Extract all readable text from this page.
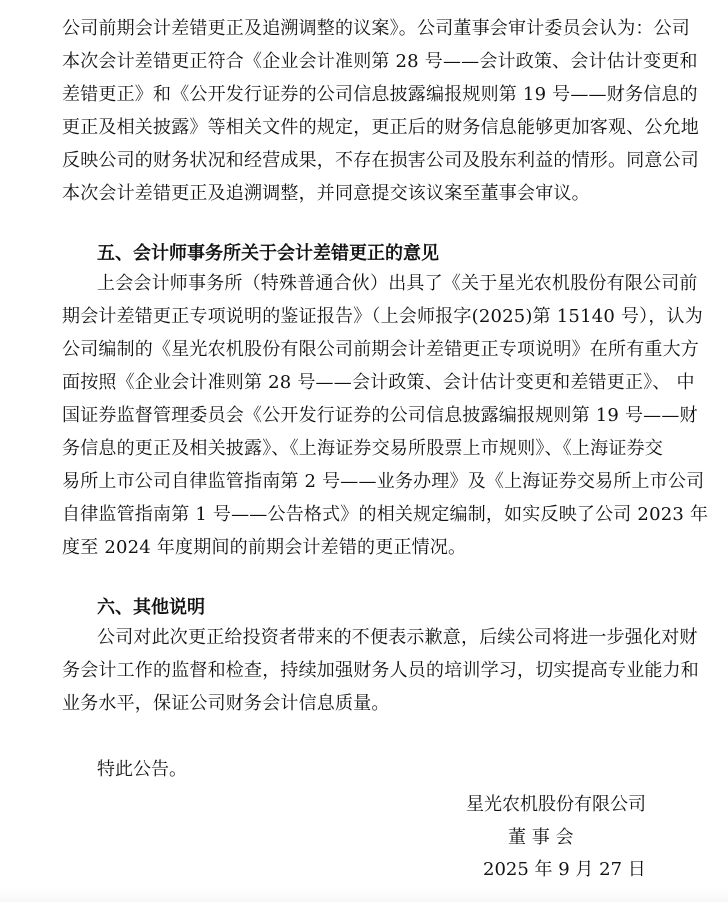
公司前期会计差错更正及追溯调整的议案》。公司董事会审计委员会认为：公司
本次会计差错更正符合《企业会计准则第 28 号——会计政策、会计估计变更和
差错更正》和《公开发行证券的公司信息披露编报规则第 19 号——财务信息的
更正及相关披露》等相关文件的规定，更正后的财务信息能够更加客观、公允地
反映公司的财务状况和经营成果，不存在损害公司及股东利益的情形。同意公司
本次会计差错更正及追溯调整，并同意提交该议案至董事会审议。
五、会计师事务所关于会计差错更正的意见
上会会计师事务所（特殊普通合伙）出具了《关于星光农机股份有限公司前
期会计差错更正专项说明的鉴证报告》（上会师报字(2025)第 15140 号），认为
公司编制的《星光农机股份有限公司前期会计差错更正专项说明》在所有重大方
面按照《企业会计准则第 28 号——会计政策、会计估计变更和差错更正》、 中
国证券监督管理委员会《公开发行证券的公司信息披露编报规则第 19 号——财
务信息的更正及相关披露》、《上海证券交易所股票上市规则》、《上海证券交
易所上市公司自律监管指南第 2 号——业务办理》及《上海证券交易所上市公司
自律监管指南第 1 号——公告格式》的相关规定编制，如实反映了公司 2023 年
度至 2024 年度期间的前期会计差错的更正情况。
六、其他说明
公司对此次更正给投资者带来的不便表示歉意，后续公司将进一步强化对财
务会计工作的监督和检查，持续加强财务人员的培训学习，切实提高专业能力和
业务水平，保证公司财务会计信息质量。
特此公告。
星光农机股份有限公司
董 事 会
2025 年 9 月 27 日
